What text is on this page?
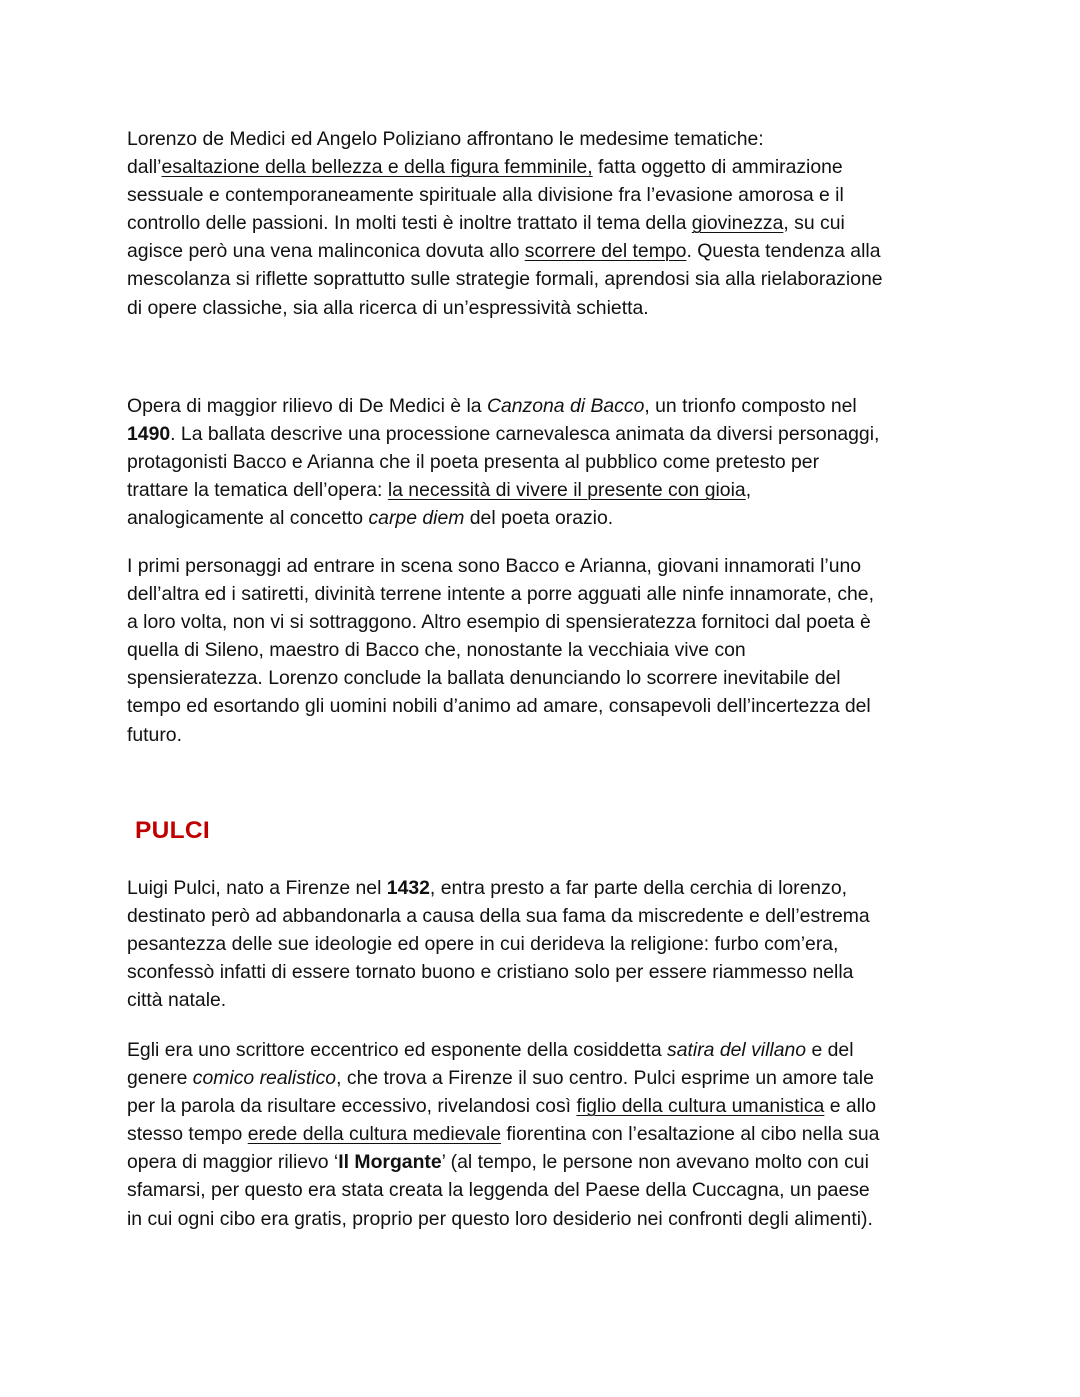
Lorenzo de Medici ed Angelo Poliziano affrontano le medesime tematiche:
dall’esaltazione della bellezza e della figura femminile, fatta oggetto di ammirazione
sessuale e contemporaneamente spirituale alla divisione fra l’evasione amorosa e il
controllo delle passioni. In molti testi è inoltre trattato il tema della giovinezza, su cui
agisce però una vena malinconica dovuta allo scorrere del tempo. Questa tendenza alla
mescolanza si riflette soprattutto sulle strategie formali, aprendosi sia alla rielaborazione
di opere classiche, sia alla ricerca di un’espressività schietta.

Opera di maggior rilievo di De Medici è la Canzona di Bacco, un trionfo composto nel
1490. La ballata descrive una processione carnevalesca animata da diversi personaggi,
protagonisti Bacco e Arianna che il poeta presenta al pubblico come pretesto per
trattare la tematica dell’opera: la necessità di vivere il presente con gioia,
analogicamente al concetto carpe diem del poeta orazio.

I primi personaggi ad entrare in scena sono Bacco e Arianna, giovani innamorati l’uno
dell’altra ed i satiretti, divinità terrene intente a porre agguati alle ninfe innamorate, che,
a loro volta, non vi si sottraggono. Altro esempio di spensieratezza fornitoci dal poeta è
quella di Sileno, maestro di Bacco che, nonostante la vecchiaia vive con
spensieratezza. Lorenzo conclude la ballata denunciando lo scorrere inevitabile del
tempo ed esortando gli uomini nobili d’animo ad amare, consapevoli dell’incertezza del
futuro.

PULCI

Luigi Pulci, nato a Firenze nel 1432, entra presto a far parte della cerchia di lorenzo,
destinato però ad abbandonarla a causa della sua fama da miscredente e dell’estrema
pesantezza delle sue ideologie ed opere in cui derideva la religione: furbo com’era,
sconfessò infatti di essere tornato buono e cristiano solo per essere riammesso nella
città natale.

Egli era uno scrittore eccentrico ed esponente della cosiddetta satira del villano e del
genere comico realistico, che trova a Firenze il suo centro. Pulci esprime un amore tale
per la parola da risultare eccessivo, rivelandosi così figlio della cultura umanistica e allo
stesso tempo erede della cultura medievale fiorentina con l’esaltazione al cibo nella sua
opera di maggior rilievo ‘Il Morgante’ (al tempo, le persone non avevano molto con cui
sfamarsi, per questo era stata creata la leggenda del Paese della Cuccagna, un paese
in cui ogni cibo era gratis, proprio per questo loro desiderio nei confronti degli alimenti).
